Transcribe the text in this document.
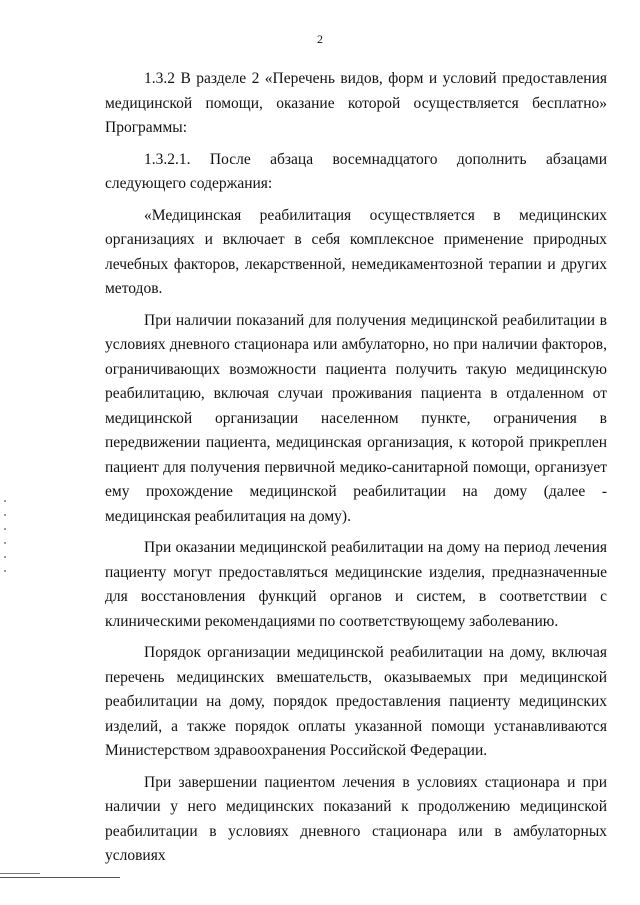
2

1.3.2 В разделе 2 «Перечень видов, форм и условий предоставления медицинской помощи, оказание которой осуществляется бесплатно» Программы:

1.3.2.1. После абзаца восемнадцатого дополнить абзацами следующего содержания:

«Медицинская реабилитация осуществляется в медицинских организациях и включает в себя комплексное применение природных лечебных факторов, лекарственной, немедикаментозной терапии и других методов.

При наличии показаний для получения медицинской реабилитации в условиях дневного стационара или амбулаторно, но при наличии факторов, ограничивающих возможности пациента получить такую медицинскую реабилитацию, включая случаи проживания пациента в отдаленном от медицинской организации населенном пункте, ограничения в передвижении пациента, медицинская организация, к которой прикреплен пациент для получения первичной медико-санитарной помощи, организует ему прохождение медицинской реабилитации на дому (далее - медицинская реабилитация на дому).

При оказании медицинской реабилитации на дому на период лечения пациенту могут предоставляться медицинские изделия, предназначенные для восстановления функций органов и систем, в соответствии с клиническими рекомендациями по соответствующему заболеванию.

Порядок организации медицинской реабилитации на дому, включая перечень медицинских вмешательств, оказываемых при медицинской реабилитации на дому, порядок предоставления пациенту медицинских изделий, а также порядок оплаты указанной помощи устанавливаются Министерством здравоохранения Российской Федерации.

При завершении пациентом лечения в условиях стационара и при наличии у него медицинских показаний к продолжению медицинской реабилитации в условиях дневного стационара или в амбулаторных условиях
